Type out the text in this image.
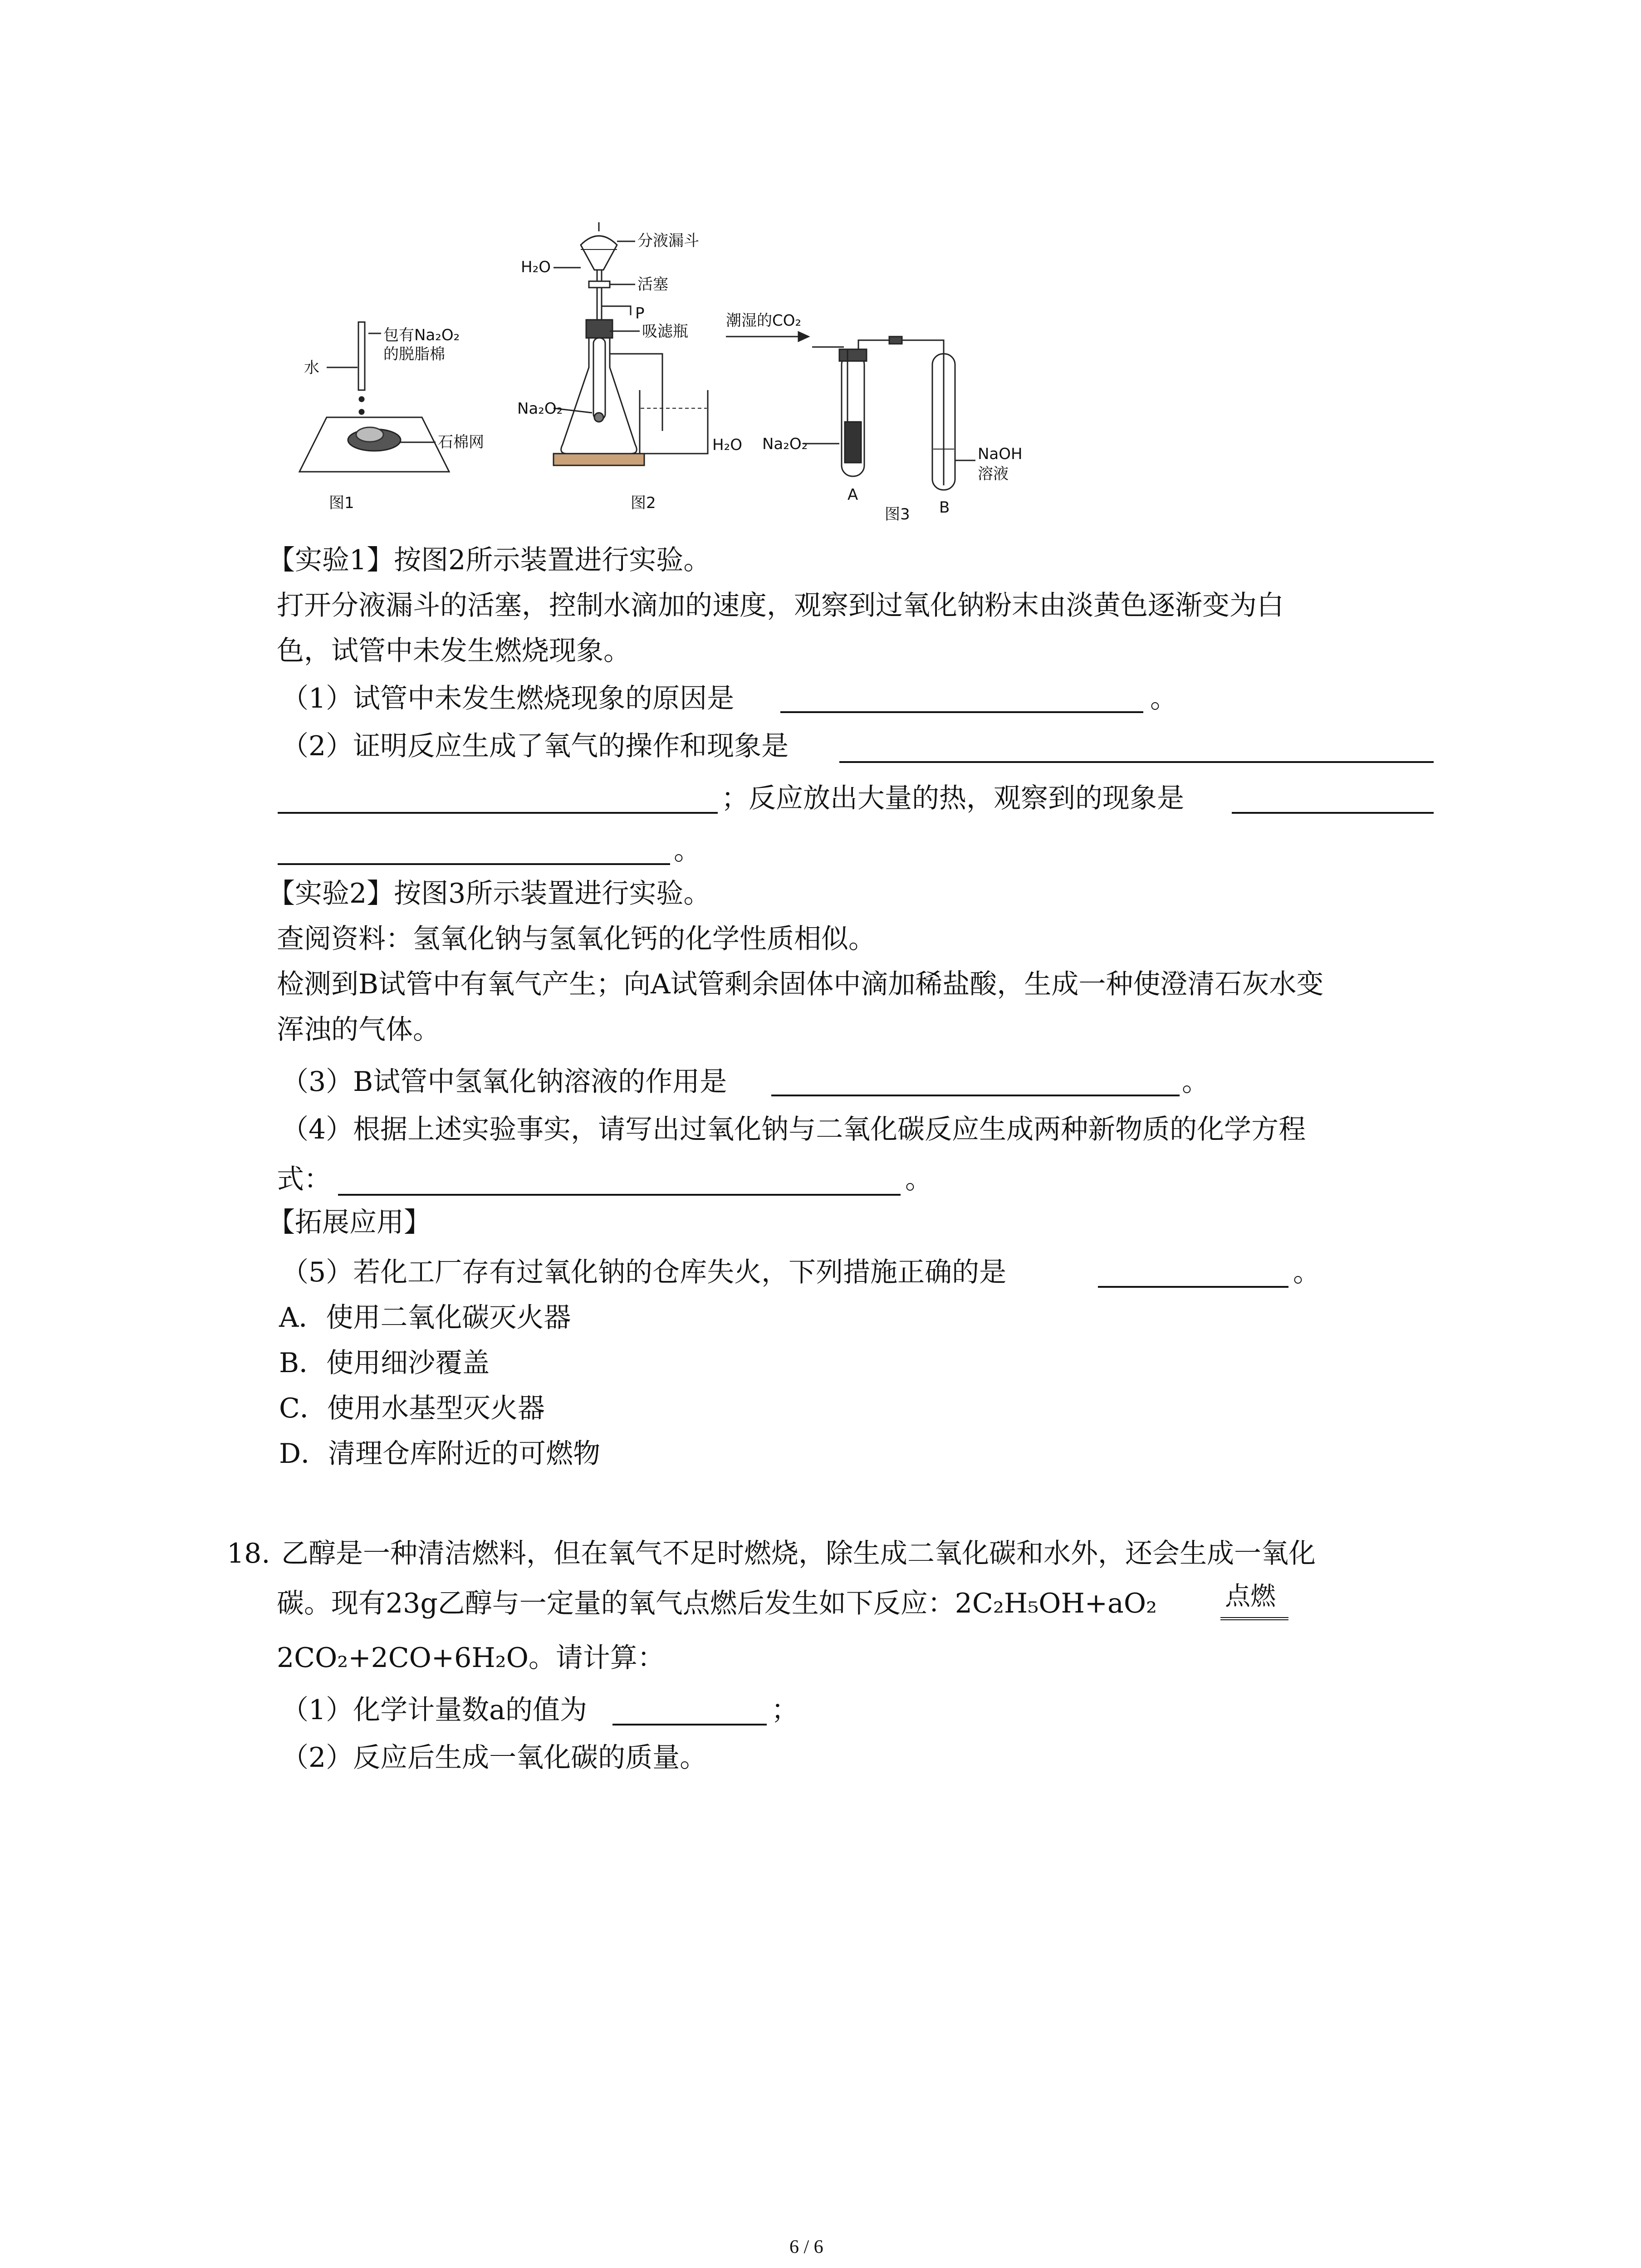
水
包有Na₂O₂
的脱脂棉
石棉网
图1
H₂O
分液漏斗
活塞
P
吸滤瓶
Na₂O₂
H₂O
图2
潮湿的CO₂
Na₂O₂
A
B
NaOH
溶液
图3
【实验1】按图2所示装置进行实验。
打开分液漏斗的活塞，控制水滴加的速度，观察到过氧化钠粉末由淡黄色逐渐变为白
色，试管中未发生燃烧现象。
（1）试管中未发生燃烧现象的原因是	。
（2）证明反应生成了氧气的操作和现象是
；反应放出大量的热，观察到的现象是
。
【实验2】按图3所示装置进行实验。
查阅资料：氢氧化钠与氢氧化钙的化学性质相似。
检测到B试管中有氧气产生；向A试管剩余固体中滴加稀盐酸，生成一种使澄清石灰水变
浑浊的气体。
（3）B试管中氢氧化钠溶液的作用是	。
（4）根据上述实验事实，请写出过氧化钠与二氧化碳反应生成两种新物质的化学方程
式：	。
【拓展应用】
（5）若化工厂存有过氧化钠的仓库失火，下列措施正确的是	。
A．使用二氧化碳灭火器
B．使用细沙覆盖
C．使用水基型灭火器
D．清理仓库附近的可燃物
18. 乙醇是一种清洁燃料，但在氧气不足时燃烧，除生成二氧化碳和水外，还会生成一氧化
碳。现有23g乙醇与一定量的氧气点燃后发生如下反应：2C₂H₅OH+aO₂	点燃
2CO₂+2CO+6H₂O。请计算：
（1）化学计量数a的值为	；
（2）反应后生成一氧化碳的质量。
6 / 6
